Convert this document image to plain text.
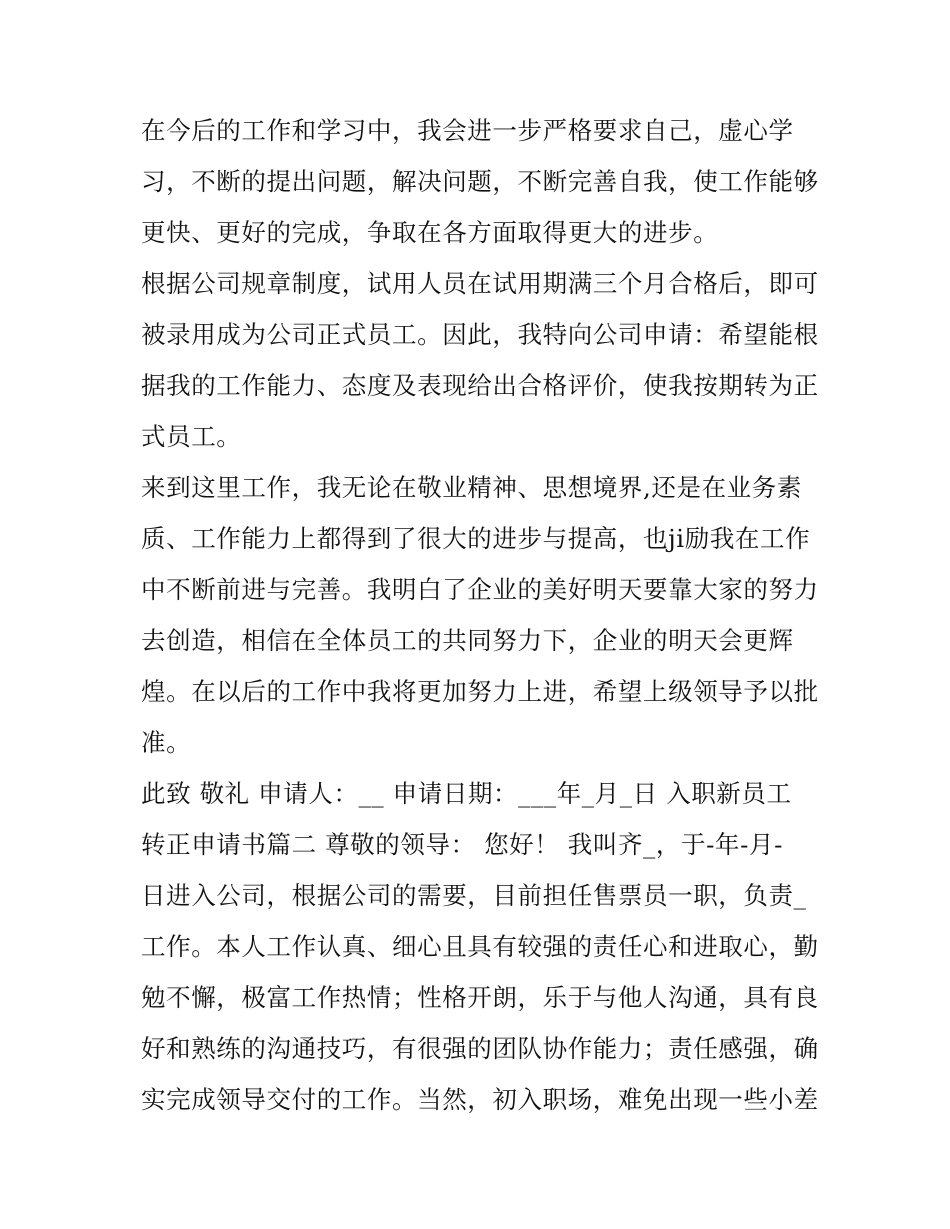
在今后的工作和学习中，我会进一步严格要求自己，虚心学
习，不断的提出问题，解决问题，不断完善自我，使工作能够
更快、更好的完成，争取在各方面取得更大的进步。
根据公司规章制度，试用人员在试用期满三个月合格后，即可
被录用成为公司正式员工。因此，我特向公司申请：希望能根
据我的工作能力、态度及表现给出合格评价，使我按期转为正
式员工。
来到这里工作，我无论在敬业精神、思想境界,还是在业务素
质、工作能力上都得到了很大的进步与提高，也ji励我在工作
中不断前进与完善。我明白了企业的美好明天要靠大家的努力
去创造，相信在全体员工的共同努力下，企业的明天会更辉
煌。在以后的工作中我将更加努力上进，希望上级领导予以批
准。
此致 敬礼 申请人：__ 申请日期：___年_月_日 入职新员工
转正申请书篇二 尊敬的领导： 您好！ 我叫齐_，于-年-月-
日进入公司，根据公司的需要，目前担任售票员一职，负责_
工作。本人工作认真、细心且具有较强的责任心和进取心，勤
勉不懈，极富工作热情；性格开朗，乐于与他人沟通，具有良
好和熟练的沟通技巧，有很强的团队协作能力；责任感强，确
实完成领导交付的工作。当然，初入职场，难免出现一些小差
